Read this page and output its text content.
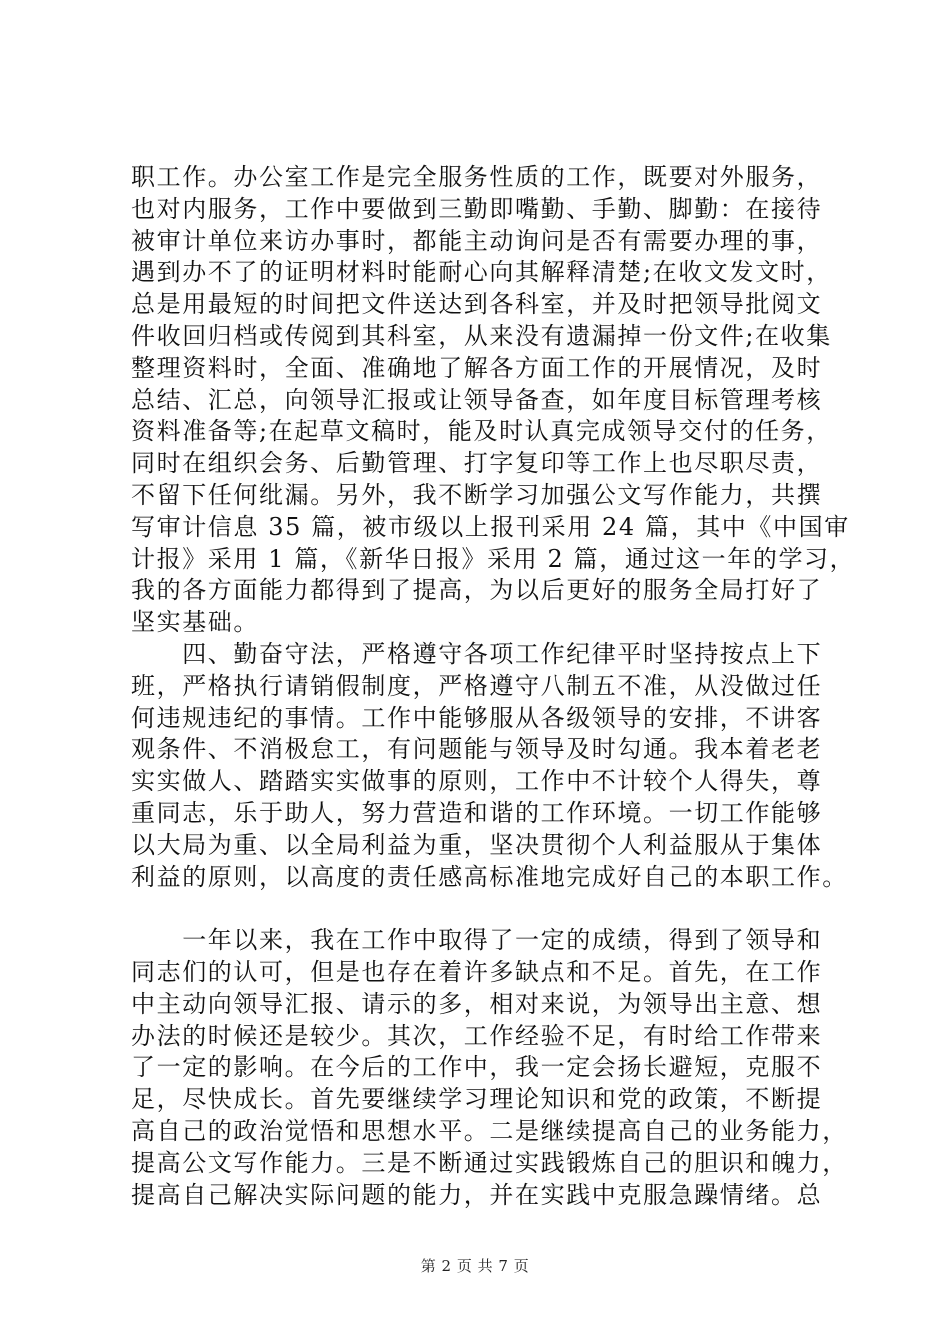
职工作。办公室工作是完全服务性质的工作，既要对外服务，
也对内服务，工作中要做到三勤即嘴勤、手勤、脚勤：在接待
被审计单位来访办事时，都能主动询问是否有需要办理的事，
遇到办不了的证明材料时能耐心向其解释清楚;在收文发文时，
总是用最短的时间把文件送达到各科室，并及时把领导批阅文
件收回归档或传阅到其科室，从来没有遗漏掉一份文件;在收集
整理资料时，全面、准确地了解各方面工作的开展情况，及时
总结、汇总，向领导汇报或让领导备查，如年度目标管理考核
资料准备等;在起草文稿时，能及时认真完成领导交付的任务，
同时在组织会务、后勤管理、打字复印等工作上也尽职尽责，
不留下任何纰漏。另外，我不断学习加强公文写作能力，共撰
写审计信息 35 篇，被市级以上报刊采用 24 篇，其中《中国审
计报》采用 1 篇，《新华日报》采用 2 篇，通过这一年的学习，
我的各方面能力都得到了提高，为以后更好的服务全局打好了
坚实基础。
　　四、勤奋守法，严格遵守各项工作纪律平时坚持按点上下
班，严格执行请销假制度，严格遵守八制五不准，从没做过任
何违规违纪的事情。工作中能够服从各级领导的安排，不讲客
观条件、不消极怠工，有问题能与领导及时勾通。我本着老老
实实做人、踏踏实实做事的原则，工作中不计较个人得失，尊
重同志，乐于助人，努力营造和谐的工作环境。一切工作能够
以大局为重、以全局利益为重，坚决贯彻个人利益服从于集体
利益的原则，以高度的责任感高标准地完成好自己的本职工作。
　　一年以来，我在工作中取得了一定的成绩，得到了领导和
同志们的认可，但是也存在着许多缺点和不足。首先，在工作
中主动向领导汇报、请示的多，相对来说，为领导出主意、想
办法的时候还是较少。其次，工作经验不足，有时给工作带来
了一定的影响。在今后的工作中，我一定会扬长避短，克服不
足，尽快成长。首先要继续学习理论知识和党的政策，不断提
高自己的政治觉悟和思想水平。二是继续提高自己的业务能力，
提高公文写作能力。三是不断通过实践锻炼自己的胆识和魄力，
提高自己解决实际问题的能力，并在实践中克服急躁情绪。总
第 2 页 共 7 页
